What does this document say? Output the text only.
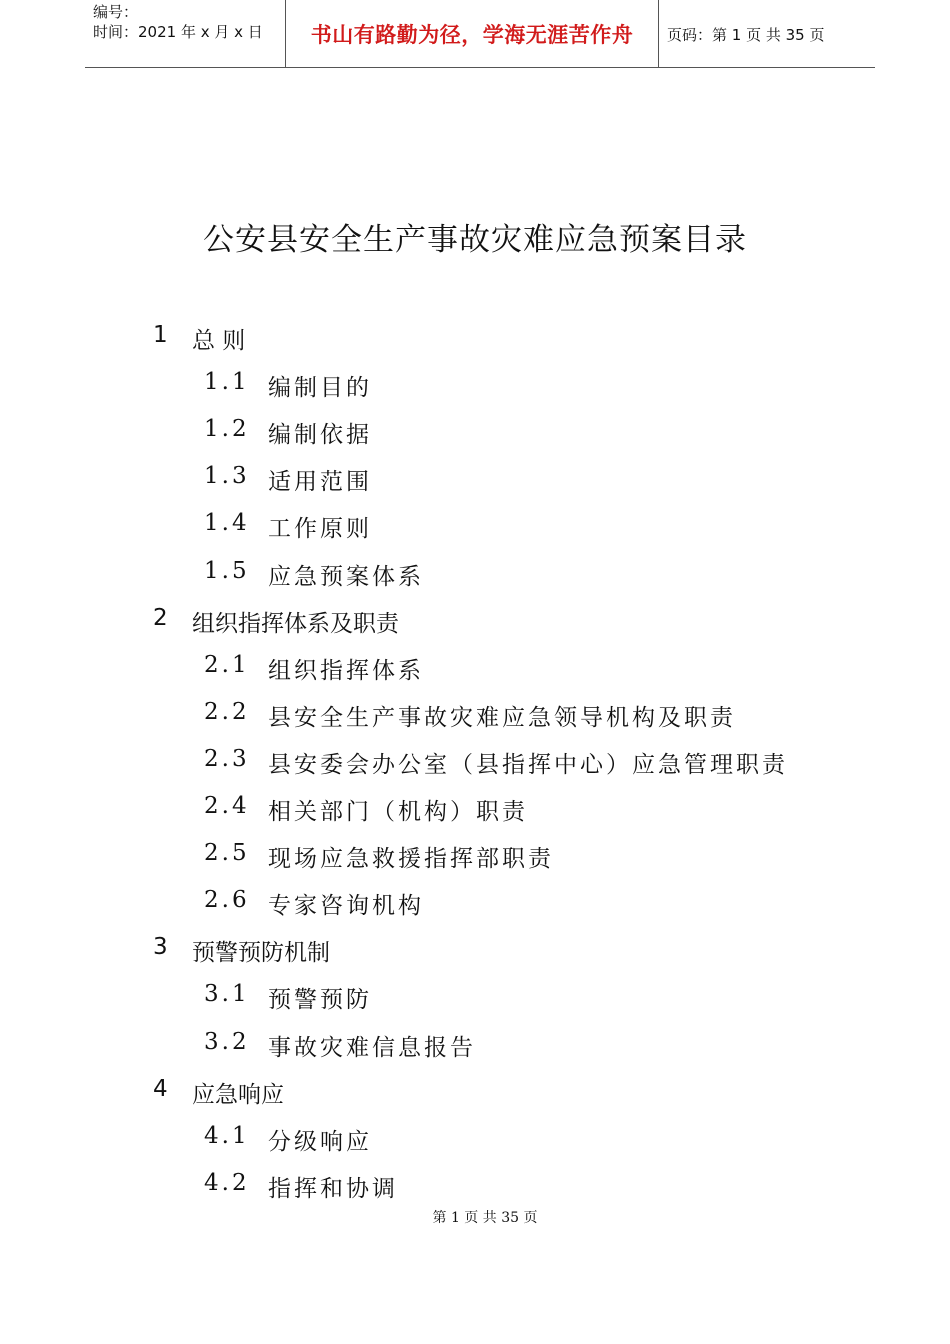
编号：
时间：2021 年 x 月 x 日	书山有路勤为径，学海无涯苦作舟 页码：第 1 页 共 35 页
公安县安全生产事故灾难应急预案目录
1 总 则
1.1 编制目的
1.2 编制依据
1.3 适用范围
1.4 工作原则
1.5 应急预案体系
2 组织指挥体系及职责
2.1 组织指挥体系
2.2 县安全生产事故灾难应急领导机构及职责
2.3 县安委会办公室（县指挥中心）应急管理职责
2.4 相关部门（机构）职责
2.5 现场应急救援指挥部职责
2.6 专家咨询机构
3 预警预防机制
3.1 预警预防
3.2 事故灾难信息报告
4 应急响应
4.1 分级响应
4.2 指挥和协调
第 1 页 共 35 页
